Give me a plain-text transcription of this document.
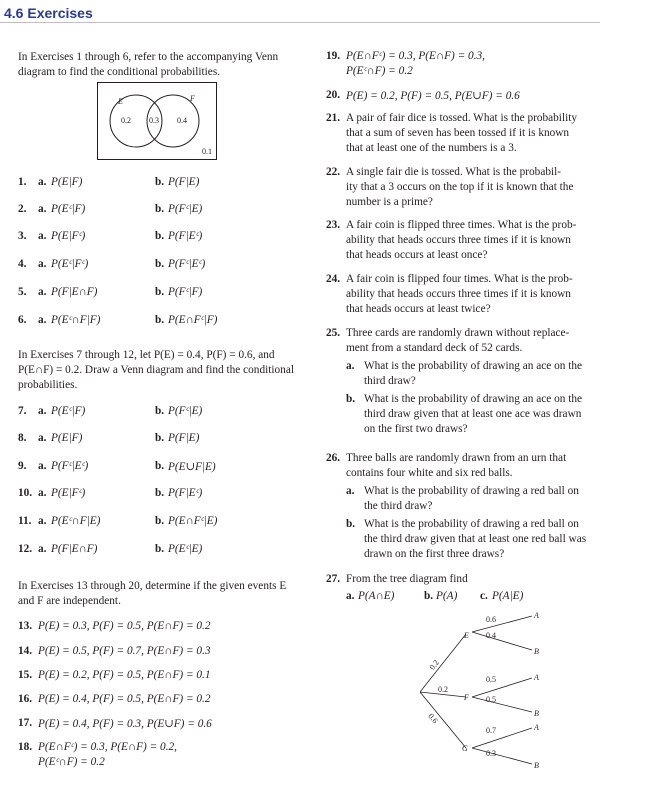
4.6 Exercises
In Exercises 1 through 6, refer to the accompanying Venn diagram to find the conditional probabilities.
E	F
0.2 0.3 0.4
0.1
1. a. P(E|F)	b. P(F|E)
2. a. P(Eᶜ|F)	b. P(Fᶜ|E)
3. a. P(E|Fᶜ)	b. P(F|Eᶜ)
4. a. P(Eᶜ|Fᶜ)	b. P(Fᶜ|Eᶜ)
5. a. P(F|E∩F)	b. P(Fᶜ|F)
6. a. P(Eᶜ∩F|F)	b. P(E∩Fᶜ|F)
In Exercises 7 through 12, let P(E) = 0.4, P(F) = 0.6, and P(E∩F) = 0.2. Draw a Venn diagram and find the conditional probabilities.
7. a. P(Eᶜ|F)	b. P(Fᶜ|E)
8. a. P(E|F)	b. P(F|E)
9. a. P(Fᶜ|Eᶜ)	b. P(E∪F|E)
10. a. P(E|Fᶜ)	b. P(F|Eᶜ)
11. a. P(Eᶜ∩F|E)	b. P(E∩Fᶜ|E)
12. a. P(F|E∩F)	b. P(Eᶜ|E)
In Exercises 13 through 20, determine if the given events E and F are independent.
13. P(E) = 0.3, P(F) = 0.5, P(E∩F) = 0.2
14. P(E) = 0.5, P(F) = 0.7, P(E∩F) = 0.3
15. P(E) = 0.2, P(F) = 0.5, P(E∩F) = 0.1
16. P(E) = 0.4, P(F) = 0.5, P(E∩F) = 0.2
17. P(E) = 0.4, P(F) = 0.3, P(E∪F) = 0.6
18. P(E∩Fᶜ) = 0.3, P(E∩F) = 0.2,
P(Eᶜ∩F) = 0.2
19. P(E∩Fᶜ) = 0.3, P(E∩F) = 0.3,
P(Eᶜ∩F) = 0.2
20. P(E) = 0.2, P(F) = 0.5, P(E∪F) = 0.6
21. A pair of fair dice is tossed. What is the probability
that a sum of seven has been tossed if it is known
that at least one of the numbers is a 3.
22. A single fair die is tossed. What is the probabil-
ity that a 3 occurs on the top if it is known that the
number is a prime?
23. A fair coin is flipped three times. What is the prob-
ability that heads occurs three times if it is known
that heads occurs at least once?
24. A fair coin is flipped four times. What is the prob-
ability that heads occurs three times if it is known
that heads occurs at least twice?
25. Three cards are randomly drawn without replace-
ment from a standard deck of 52 cards.
a. What is the probability of drawing an ace on the
third draw?
b. What is the probability of drawing an ace on the
third draw given that at least one ace was drawn
on the first two draws?
26. Three balls are randomly drawn from an urn that
contains four white and six red balls.
a. What is the probability of drawing a red ball on
the third draw?
b. What is the probability of drawing a red ball on
the third draw given that at least one red ball was
drawn on the first three draws?
27. From the tree diagram find
a. P(A∩E)	b. P(A) c. P(A|E)
E
F
G
A
B
A
B
A
B
0.2
0.2
0.6
0.6
0.4
0.5
0.5
0.7
0.3
